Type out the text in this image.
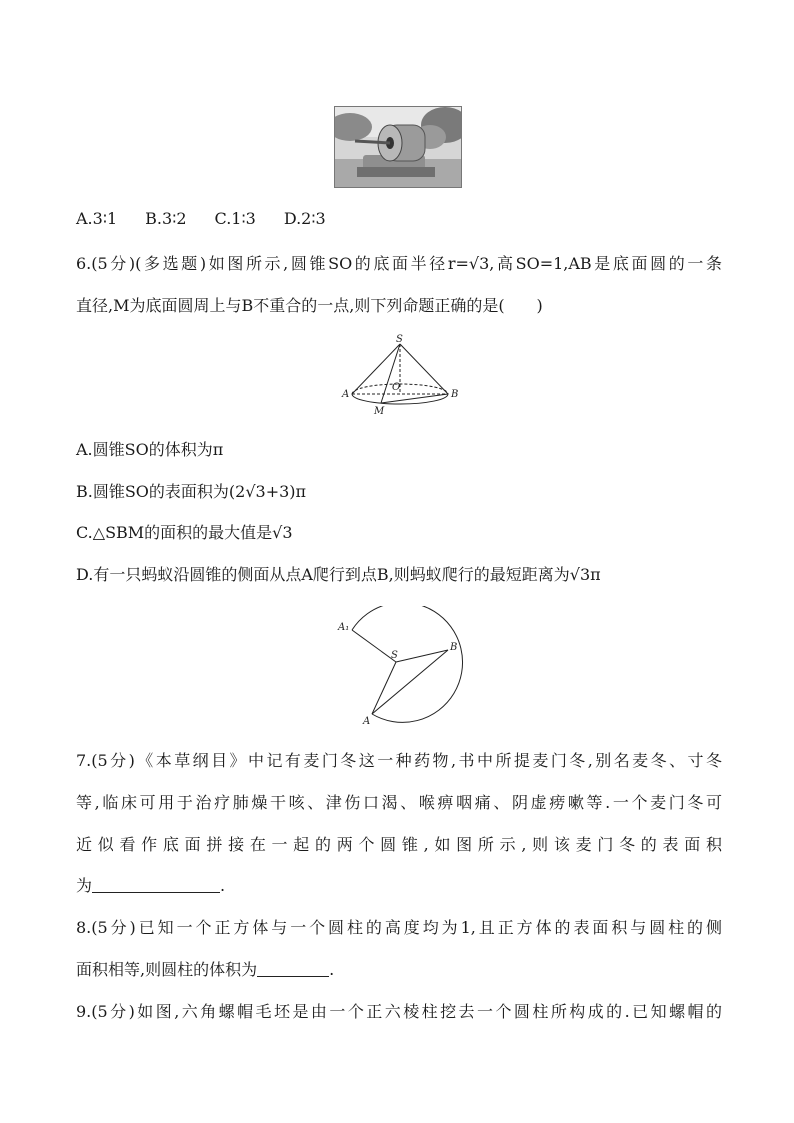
A.3∶1 B.3∶2 C.1∶3 D.2∶3
6.(5分)(多选题)如图所示,圆锥SO的底面半径r=√3,高SO=1,AB是底面圆的一条
直径,M为底面圆周上与B不重合的一点,则下列命题正确的是(　　)
S
O
A	B
M
A.圆锥SO的体积为π
B.圆锥SO的表面积为(2√3+3)π
C.△SBM的面积的最大值是√3
D.有一只蚂蚁沿圆锥的侧面从点A爬行到点B,则蚂蚁爬行的最短距离为√3π
A₁
S
B
A
7.(5分)《本草纲目》中记有麦门冬这一种药物,书中所提麦门冬,别名麦冬、寸冬
等,临床可用于治疗肺燥干咳、津伤口渴、喉痹咽痛、阴虚痨嗽等.一个麦门冬可
近似看作底面拼接在一起的两个圆锥,如图所示,则该麦门冬的表面积
为	.
8.(5分)已知一个正方体与一个圆柱的高度均为1,且正方体的表面积与圆柱的侧
面积相等,则圆柱的体积为	.
9.(5分)如图,六角螺帽毛坯是由一个正六棱柱挖去一个圆柱所构成的.已知螺帽的
